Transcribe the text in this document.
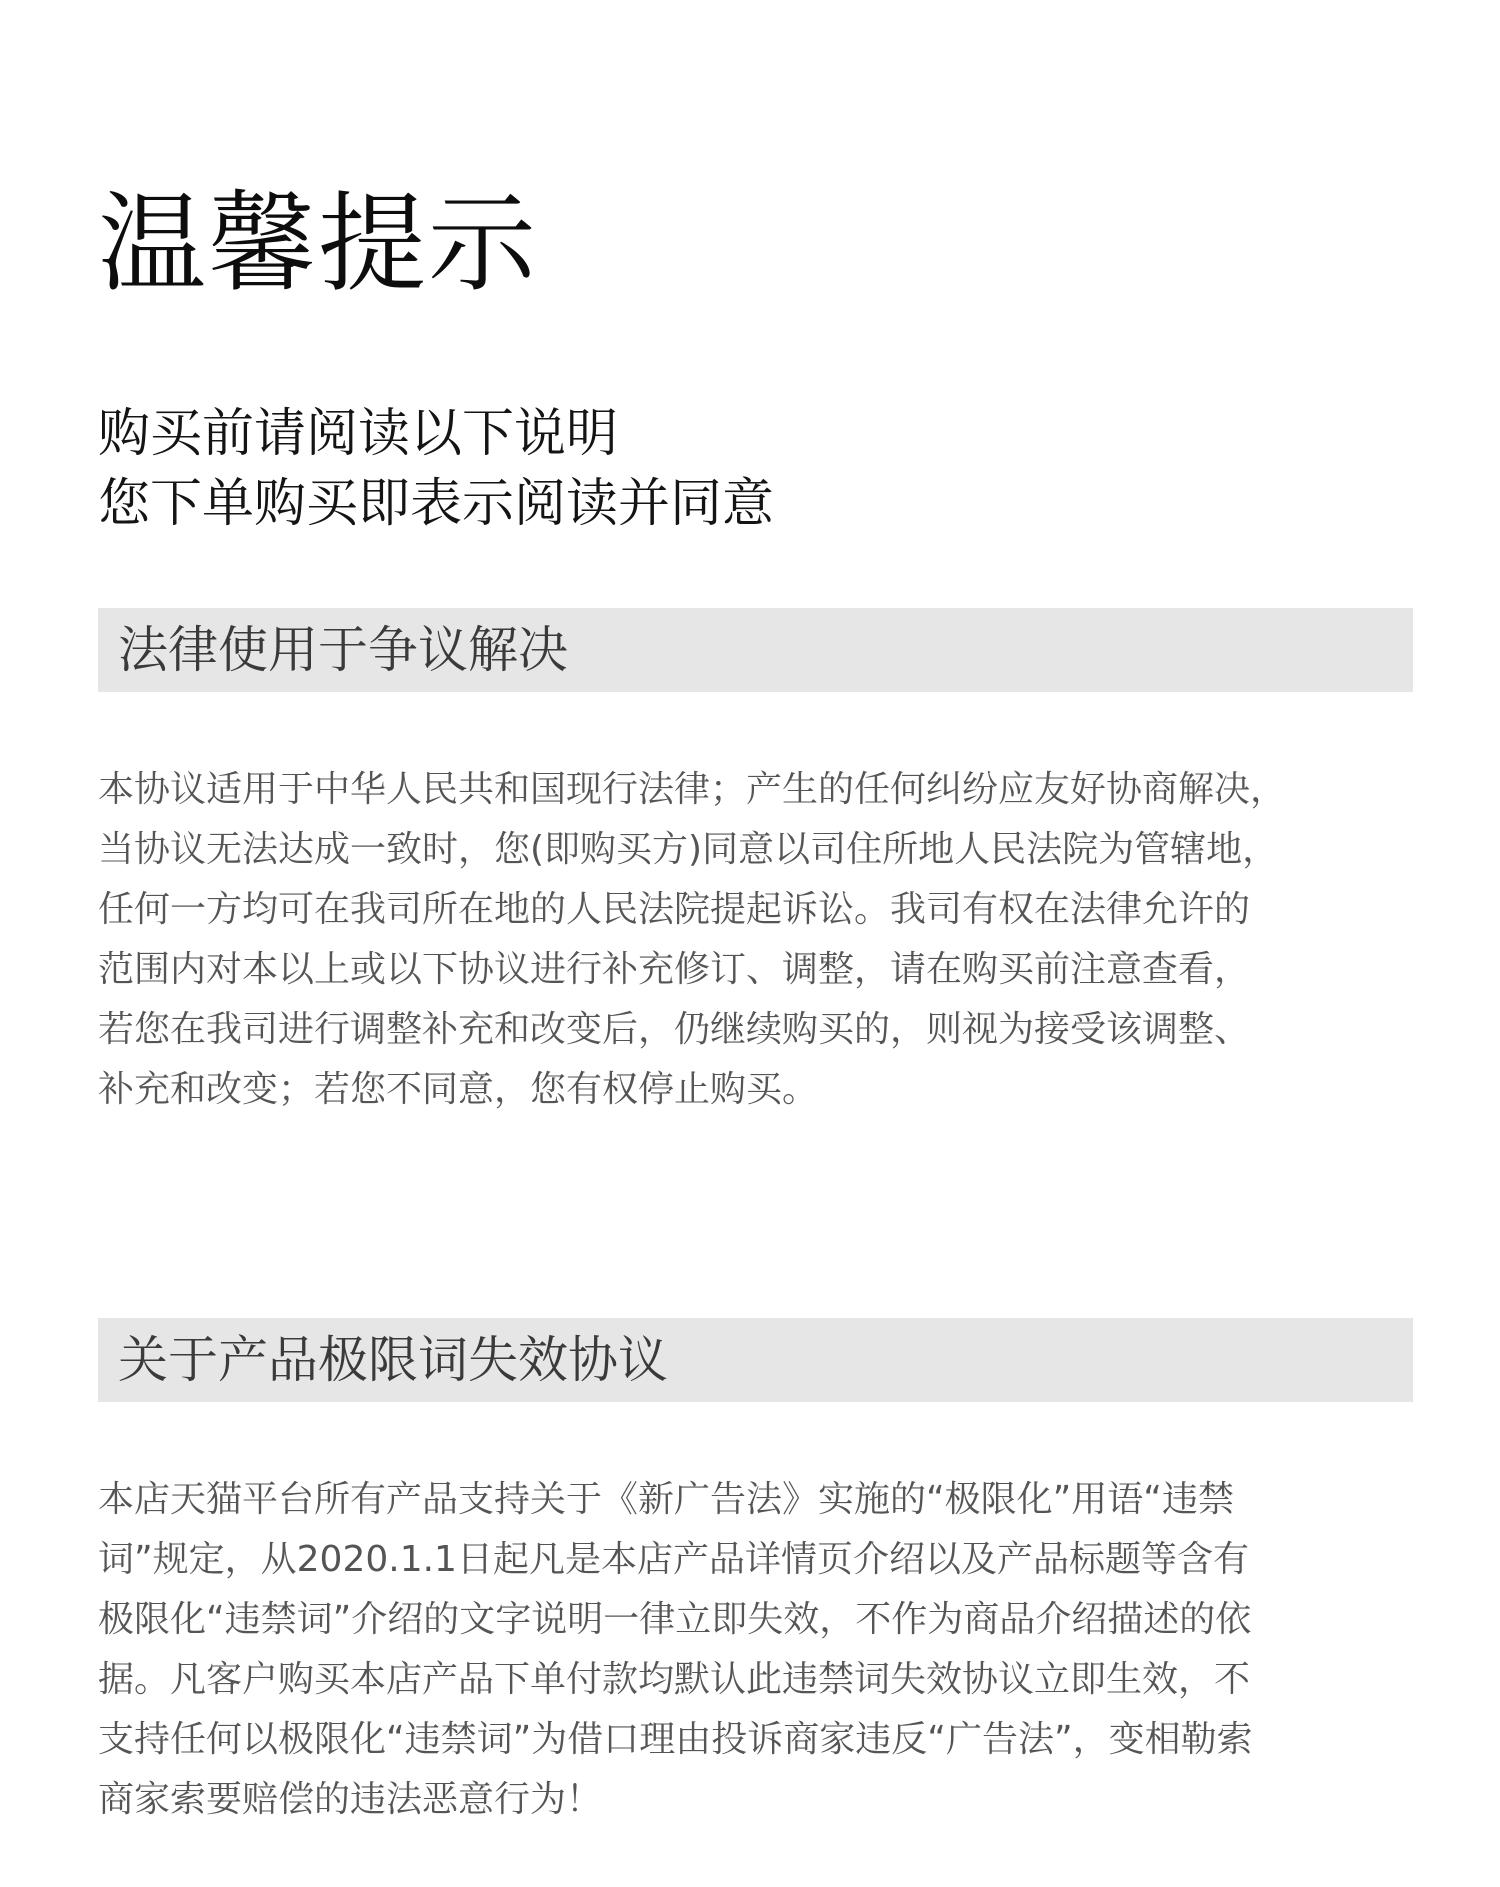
温馨提示

购买前请阅读以下说明

您下单购买即表示阅读并同意

法律使用于争议解决

本协议适用于中华人民共和国现行法律；产生的任何纠纷应友好协商解决，
当协议无法达成一致时，您(即购买方)同意以司住所地人民法院为管辖地，
任何一方均可在我司所在地的人民法院提起诉讼。我司有权在法律允许的
范围内对本以上或以下协议进行补充修订、调整，请在购买前注意查看，
若您在我司进行调整补充和改变后，仍继续购买的，则视为接受该调整、
补充和改变；若您不同意，您有权停止购买。

关于产品极限词失效协议

本店天猫平台所有产品支持关于《新广告法》实施的“极限化”用语“违禁
词”规定，从2020.1.1日起凡是本店产品详情页介绍以及产品标题等含有
极限化“违禁词”介绍的文字说明一律立即失效，不作为商品介绍描述的依
据。凡客户购买本店产品下单付款均默认此违禁词失效协议立即生效，不
支持任何以极限化“违禁词”为借口理由投诉商家违反“广告法”，变相勒索
商家索要赔偿的违法恶意行为！
